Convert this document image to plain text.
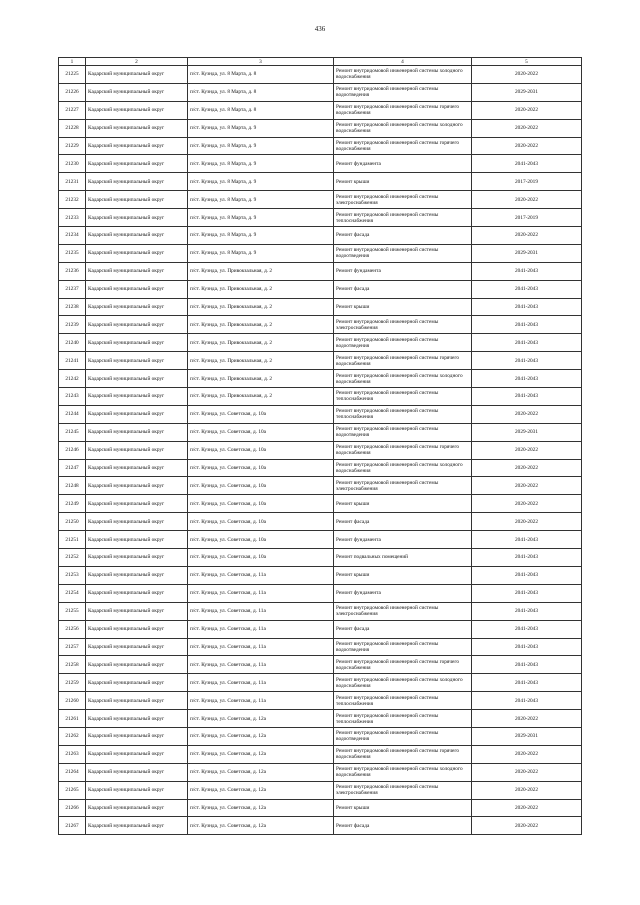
436
1	2	3	4	5
21225	Кадарский муниципальный округ	п/ст. Кузнда, ул. 8 Марта, д. 8	Ремонт внутридомовой инженерной системы холодного водоснабжения	2020-2022
21226	Кадарский муниципальный округ	п/ст. Кузнда, ул. 8 Марта, д. 8	Ремонт внутридомовой инженерной системы водоотведения	2029-2031
21227	Кадарский муниципальный округ	п/ст. Кузнда, ул. 8 Марта, д. 8	Ремонт внутридомовой инженерной системы горячего водоснабжения	2020-2022
21228	Кадарский муниципальный округ	п/ст. Кузнда, ул. 8 Марта, д. 9	Ремонт внутридомовой инженерной системы холодного водоснабжения	2020-2022
21229	Кадарский муниципальный округ	п/ст. Кузнда, ул. 8 Марта, д. 9	Ремонт внутридомовой инженерной системы горячего водоснабжения	2020-2022
21230	Кадарский муниципальный округ	п/ст. Кузнда, ул. 8 Марта, д. 9	Ремонт фундамента	2041-2043
21231	Кадарский муниципальный округ	п/ст. Кузнда, ул. 8 Марта, д. 9	Ремонт крыши	2017-2019
21232	Кадарский муниципальный округ	п/ст. Кузнда, ул. 8 Марта, д. 9	Ремонт внутридомовой инженерной системы электроснабжения	2020-2022
21233	Кадарский муниципальный округ	п/ст. Кузнда, ул. 8 Марта, д. 9	Ремонт внутридомовой инженерной системы теплоснабжения	2017-2019
21234	Кадарский муниципальный округ	п/ст. Кузнда, ул. 8 Марта, д. 9	Ремонт фасада	2020-2022
21235	Кадарский муниципальный округ	п/ст. Кузнда, ул. 8 Марта, д. 9	Ремонт внутридомовой инженерной системы водоотведения	2029-2031
21236	Кадарский муниципальный округ	п/ст. Кузнда, ул. Привокзальная, д. 2	Ремонт фундамента	2041-2043
21237	Кадарский муниципальный округ	п/ст. Кузнда, ул. Привокзальная, д. 2	Ремонт фасада	2041-2043
21238	Кадарский муниципальный округ	п/ст. Кузнда, ул. Привокзальная, д. 2	Ремонт крыши	2041-2043
21239	Кадарский муниципальный округ	п/ст. Кузнда, ул. Привокзальная, д. 2	Ремонт внутридомовой инженерной системы электроснабжения	2041-2043
21240	Кадарский муниципальный округ	п/ст. Кузнда, ул. Привокзальная, д. 2	Ремонт внутридомовой инженерной системы водоотведения	2041-2043
21241	Кадарский муниципальный округ	п/ст. Кузнда, ул. Привокзальная, д. 2	Ремонт внутридомовой инженерной системы горячего водоснабжения	2041-2043
21242	Кадарский муниципальный округ	п/ст. Кузнда, ул. Привокзальная, д. 2	Ремонт внутридомовой инженерной системы холодного водоснабжения	2041-2043
21243	Кадарский муниципальный округ	п/ст. Кузнда, ул. Привокзальная, д. 2	Ремонт внутридомовой инженерной системы теплоснабжения	2041-2043
21244	Кадарский муниципальный округ	п/ст. Кузнда, ул. Советская, д. 10а	Ремонт внутридомовой инженерной системы теплоснабжения	2020-2022
21245	Кадарский муниципальный округ	п/ст. Кузнда, ул. Советская, д. 10а	Ремонт внутридомовой инженерной системы водоотведения	2029-2031
21246	Кадарский муниципальный округ	п/ст. Кузнда, ул. Советская, д. 10а	Ремонт внутридомовой инженерной системы горячего водоснабжения	2020-2022
21247	Кадарский муниципальный округ	п/ст. Кузнда, ул. Советская, д. 10а	Ремонт внутридомовой инженерной системы холодного водоснабжения	2020-2022
21248	Кадарский муниципальный округ	п/ст. Кузнда, ул. Советская, д. 10а	Ремонт внутридомовой инженерной системы электроснабжения	2020-2022
21249	Кадарский муниципальный округ	п/ст. Кузнда, ул. Советская, д. 10а	Ремонт крыши	2020-2022
21250	Кадарский муниципальный округ	п/ст. Кузнда, ул. Советская, д. 10а	Ремонт фасада	2020-2022
21251	Кадарский муниципальный округ	п/ст. Кузнда, ул. Советская, д. 10а	Ремонт фундамента	2041-2043
21252	Кадарский муниципальный округ	п/ст. Кузнда, ул. Советская, д. 10а	Ремонт подвальных помещений	2041-2043
21253	Кадарский муниципальный округ	п/ст. Кузнда, ул. Советская, д. 11а	Ремонт крыши	2041-2043
21254	Кадарский муниципальный округ	п/ст. Кузнда, ул. Советская, д. 11а	Ремонт фундамента	2041-2043
21255	Кадарский муниципальный округ	п/ст. Кузнда, ул. Советская, д. 11а	Ремонт внутридомовой инженерной системы электроснабжения	2041-2043
21256	Кадарский муниципальный округ	п/ст. Кузнда, ул. Советская, д. 11а	Ремонт фасада	2041-2043
21257	Кадарский муниципальный округ	п/ст. Кузнда, ул. Советская, д. 11а	Ремонт внутридомовой инженерной системы водоотведения	2041-2043
21258	Кадарский муниципальный округ	п/ст. Кузнда, ул. Советская, д. 11а	Ремонт внутридомовой инженерной системы горячего водоснабжения	2041-2043
21259	Кадарский муниципальный округ	п/ст. Кузнда, ул. Советская, д. 11а	Ремонт внутридомовой инженерной системы холодного водоснабжения	2041-2043
21260	Кадарский муниципальный округ	п/ст. Кузнда, ул. Советская, д. 11а	Ремонт внутридомовой инженерной системы теплоснабжения	2041-2043
21261	Кадарский муниципальный округ	п/ст. Кузнда, ул. Советская, д. 12а	Ремонт внутридомовой инженерной системы теплоснабжения	2020-2022
21262	Кадарский муниципальный округ	п/ст. Кузнда, ул. Советская, д. 12а	Ремонт внутридомовой инженерной системы водоотведения	2029-2031
21263	Кадарский муниципальный округ	п/ст. Кузнда, ул. Советская, д. 12а	Ремонт внутридомовой инженерной системы горячего водоснабжения	2020-2022
21264	Кадарский муниципальный округ	п/ст. Кузнда, ул. Советская, д. 12а	Ремонт внутридомовой инженерной системы холодного водоснабжения	2020-2022
21265	Кадарский муниципальный округ	п/ст. Кузнда, ул. Советская, д. 12а	Ремонт внутридомовой инженерной системы электроснабжения	2020-2022
21266	Кадарский муниципальный округ	п/ст. Кузнда, ул. Советская, д. 12а	Ремонт крыши	2020-2022
21267	Кадарский муниципальный округ	п/ст. Кузнда, ул. Советская, д. 12а	Ремонт фасада	2020-2022
